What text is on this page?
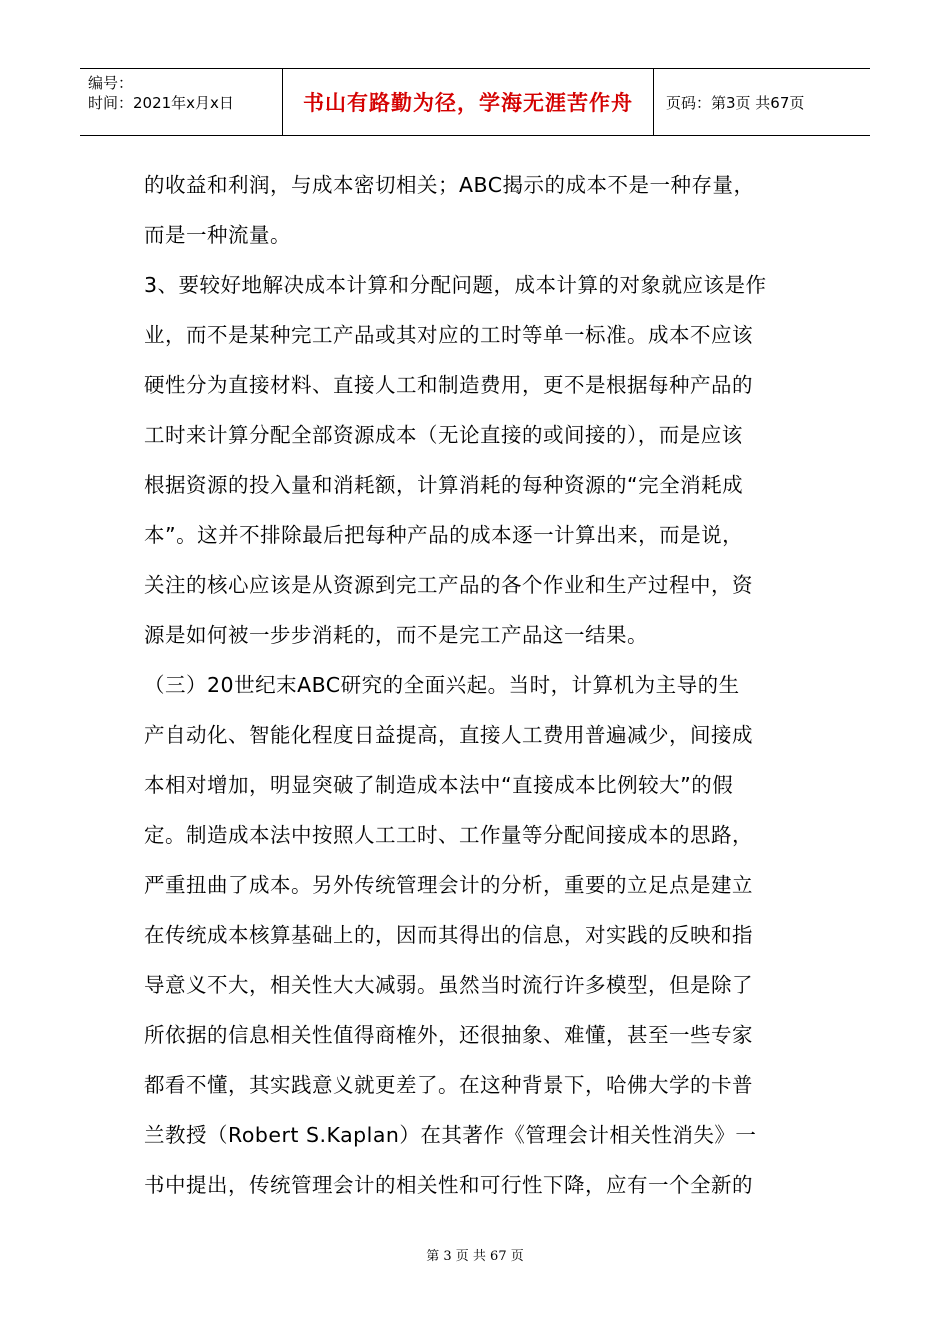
编号：
时间：2021年x月x日	书山有路勤为径，学海无涯苦作舟 页码：第3页 共67页
的收益和利润，与成本密切相关；ABC揭示的成本不是一种存量，
而是一种流量。
3、要较好地解决成本计算和分配问题，成本计算的对象就应该是作
业，而不是某种完工产品或其对应的工时等单一标准。成本不应该
硬性分为直接材料、直接人工和制造费用，更不是根据每种产品的
工时来计算分配全部资源成本（无论直接的或间接的），而是应该
根据资源的投入量和消耗额，计算消耗的每种资源的“完全消耗成
本”。这并不排除最后把每种产品的成本逐一计算出来，而是说，
关注的核心应该是从资源到完工产品的各个作业和生产过程中，资
源是如何被一步步消耗的，而不是完工产品这一结果。
（三）20世纪末ABC研究的全面兴起。当时，计算机为主导的生
产自动化、智能化程度日益提高，直接人工费用普遍减少，间接成
本相对增加，明显突破了制造成本法中“直接成本比例较大”的假
定。制造成本法中按照人工工时、工作量等分配间接成本的思路，
严重扭曲了成本。另外传统管理会计的分析，重要的立足点是建立
在传统成本核算基础上的，因而其得出的信息，对实践的反映和指
导意义不大，相关性大大减弱。虽然当时流行许多模型，但是除了
所依据的信息相关性值得商榷外，还很抽象、难懂，甚至一些专家
都看不懂，其实践意义就更差了。在这种背景下，哈佛大学的卡普
兰教授（Robert S.Kaplan）在其著作《管理会计相关性消失》一
书中提出，传统管理会计的相关性和可行性下降，应有一个全新的
第 3 页 共 67 页
